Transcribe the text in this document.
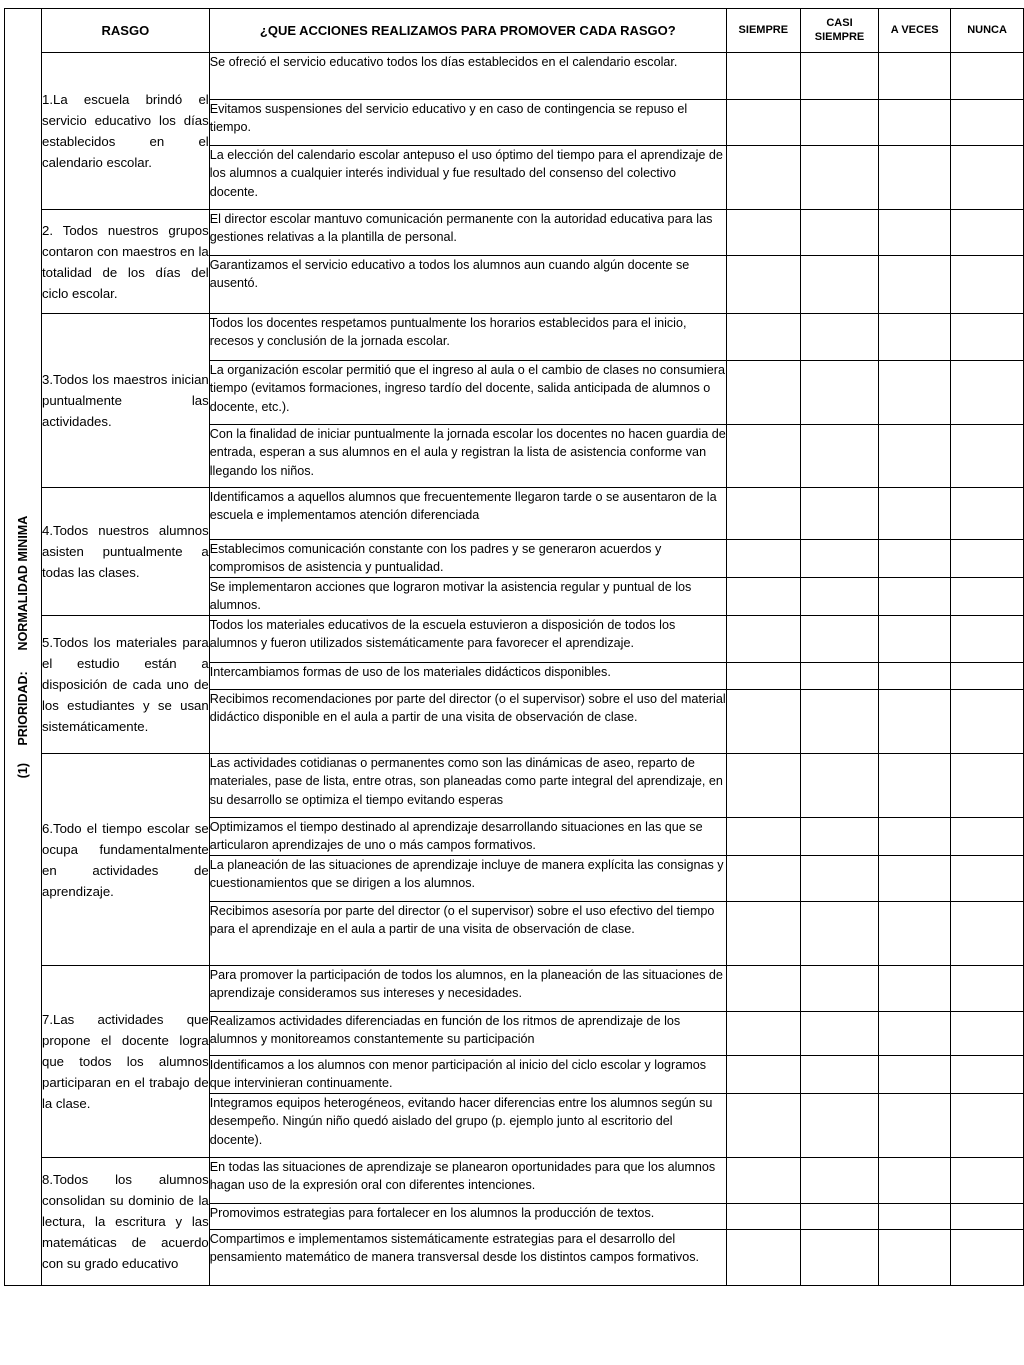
(1)     PRIORIDAD:      NORMALIDAD MINIMA
RASGO	¿QUE ACCIONES REALIZAMOS PARA PROMOVER CADA RASGO?	SIEMPRE	CASI SIEMPRE	A VECES	NUNCA
1.La escuela brindó el servicio educativo los días establecidos en el calendario escolar.	Se ofreció el servicio educativo todos los días establecidos en el calendario escolar.				
	Evitamos suspensiones del servicio educativo y en caso de contingencia se repuso el tiempo.				
	La elección del calendario escolar antepuso el uso óptimo del tiempo para el aprendizaje de los alumnos a cualquier interés individual y fue resultado del consenso del colectivo docente.				
2. Todos nuestros grupos contaron con maestros en la totalidad de los días del ciclo escolar.	El director escolar mantuvo comunicación permanente con la autoridad educativa para las gestiones relativas a la plantilla de personal.				
	Garantizamos el servicio educativo a todos los alumnos aun cuando algún docente se ausentó.				
3.Todos los maestros inician puntualmente las actividades.	Todos los docentes respetamos puntualmente los horarios establecidos para el inicio, recesos y conclusión de la jornada escolar.				
	La organización escolar permitió que el ingreso al aula o el cambio de clases no consumiera tiempo (evitamos formaciones, ingreso tardío del docente, salida anticipada de alumnos o docente, etc.).				
	Con la finalidad de iniciar puntualmente la jornada escolar los docentes no hacen guardia de entrada, esperan a sus alumnos en el aula y registran la lista de asistencia conforme van llegando los niños.				
4.Todos nuestros alumnos asisten puntualmente a todas las clases.	Identificamos a aquellos alumnos que frecuentemente llegaron tarde o se ausentaron de la escuela e implementamos atención diferenciada				
	Establecimos comunicación constante con los padres y se generaron acuerdos y compromisos de asistencia y puntualidad.				
	Se implementaron acciones que lograron motivar la asistencia regular y puntual de los alumnos.				
5.Todos los materiales para el estudio están a disposición de cada uno de los estudiantes y se usan sistemáticamente.	Todos los materiales educativos de la escuela estuvieron a disposición de todos los alumnos y fueron utilizados sistemáticamente para favorecer el aprendizaje.				
	Intercambiamos formas de uso de los materiales didácticos disponibles.				
	Recibimos recomendaciones por parte del director (o el supervisor) sobre el uso del material didáctico disponible en el aula a partir de una visita de observación de clase.				
6.Todo el tiempo escolar se ocupa fundamentalmente en actividades de aprendizaje.	Las actividades cotidianas o permanentes como son las dinámicas de aseo, reparto de materiales, pase de lista, entre otras, son planeadas como parte integral del aprendizaje, en su desarrollo se optimiza el tiempo evitando esperas				
	Optimizamos el tiempo destinado al aprendizaje desarrollando situaciones en las que se articularon aprendizajes de uno o más campos formativos.				
	La planeación de las situaciones de aprendizaje incluye de manera explícita las consignas y cuestionamientos que se dirigen a los alumnos.				
	Recibimos asesoría por parte del director (o el supervisor) sobre el uso efectivo del tiempo para el aprendizaje en el aula a partir de una visita de observación de clase.				
7.Las actividades que propone el docente logra que todos los alumnos participaran en el trabajo de la clase.	Para promover la participación de todos los alumnos, en la planeación de las situaciones de aprendizaje consideramos sus intereses y necesidades.				
	Realizamos actividades diferenciadas en función de los ritmos de aprendizaje de los alumnos y monitoreamos constantemente su participación				
	Identificamos a los alumnos con menor participación al inicio del ciclo escolar y logramos que intervinieran continuamente.				
	Integramos equipos heterogéneos, evitando hacer diferencias entre los alumnos según su desempeño. Ningún niño quedó aislado del grupo (p. ejemplo junto al escritorio del docente).				
8.Todos los alumnos consolidan su dominio de la lectura, la escritura y las matemáticas de acuerdo con su grado educativo	En todas las situaciones de aprendizaje se planearon oportunidades para que los alumnos hagan uso de la expresión oral con diferentes intenciones.				
	Promovimos estrategias para fortalecer en los alumnos la producción de textos.				
	Compartimos e implementamos sistemáticamente estrategias para el desarrollo del pensamiento matemático de manera transversal desde los distintos campos formativos.				
